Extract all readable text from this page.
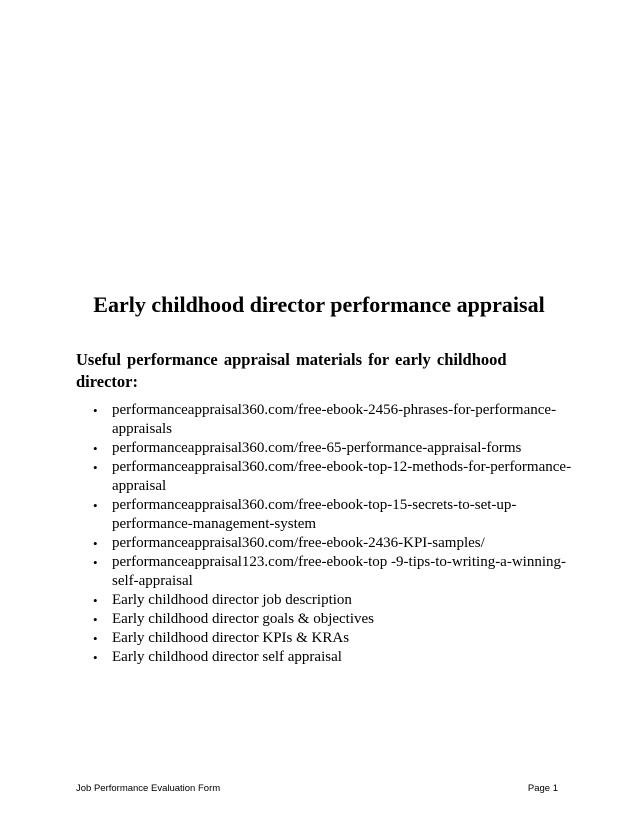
Early childhood director performance appraisal

Useful performance appraisal materials for early childhood director:

• performanceappraisal360.com/free-ebook-2456-phrases-for-performance-appraisals
• performanceappraisal360.com/free-65-performance-appraisal-forms
• performanceappraisal360.com/free-ebook-top-12-methods-for-performance-appraisal
• performanceappraisal360.com/free-ebook-top-15-secrets-to-set-up-performance-management-system
• performanceappraisal360.com/free-ebook-2436-KPI-samples/
• performanceappraisal123.com/free-ebook-top -9-tips-to-writing-a-winning-self-appraisal
• Early childhood director job description
• Early childhood director goals & objectives
• Early childhood director KPIs & KRAs
• Early childhood director self appraisal

Job Performance Evaluation Form	Page 1
